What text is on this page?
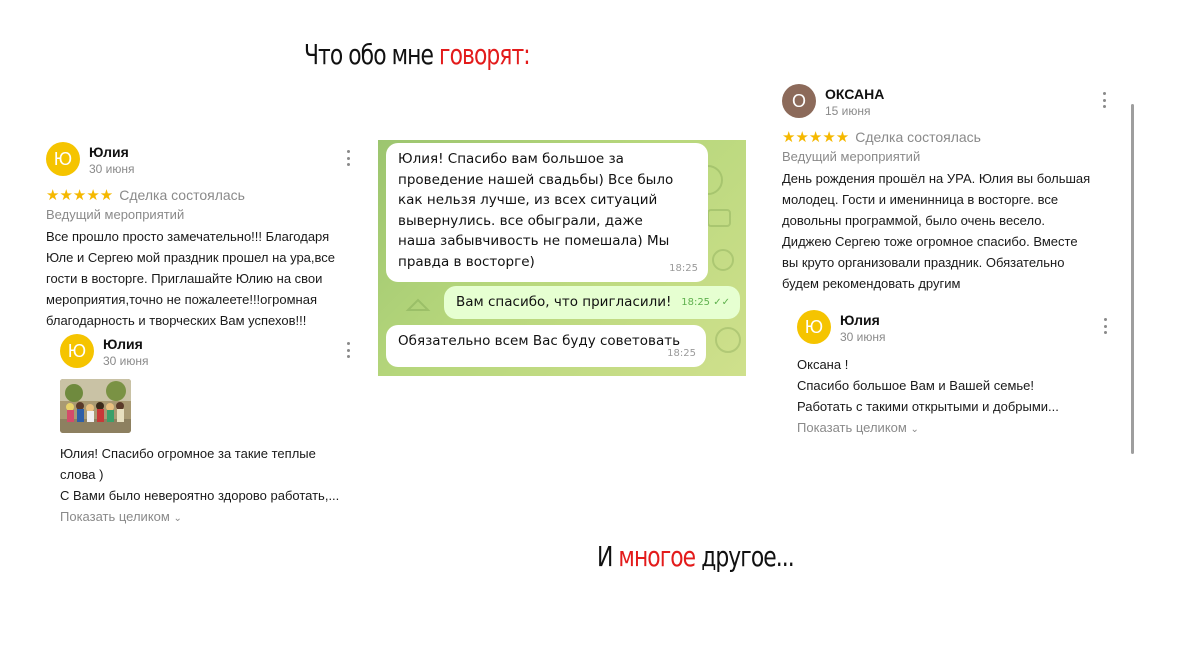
Что обо мне говорят:
Ю	Юлия
30 июня
★★★★★ Сделка состоялась
Ведущий мероприятий
Все прошло просто замечательно!!! Благодаря
Юле и Сергею мой праздник прошел на ура,все
гости в восторге. Приглашайте Юлию на свои
мероприятия,точно не пожалеете!!!огромная
благодарность и творческих Вам успехов!!!
Ю	Юлия
30 июня
Юлия! Спасибо огромное за такие теплые
слова )
С Вами было невероятно здорово работать,...
Показать целиком ⌄
Юлия! Спасибо вам большое за
проведение нашей свадьбы) Все было
как нельзя лучше, из всех ситуаций
вывернулись. все обыграли, даже
наша забывчивость не помешала) Мы
правда в восторге)	18:25
Вам спасибо, что пригласили! 18:25 ✓✓
Обязательно всем Вас буду советовать
18:25
О	ОКСАНА
15 июня
★★★★★ Сделка состоялась
Ведущий мероприятий
День рождения прошёл на УРА. Юлия вы большая
молодец. Гости и именинница в восторге. все
довольны программой, было очень весело.
Диджею Сергею тоже огромное спасибо. Вместе
вы круто организовали праздник. Обязательно
будем рекомендовать другим
Ю	Юлия
30 июня
Оксана !
Спасибо большое Вам и Вашей семье!
Работать с такими открытыми и добрыми...
Показать целиком ⌄
И многое другое...
